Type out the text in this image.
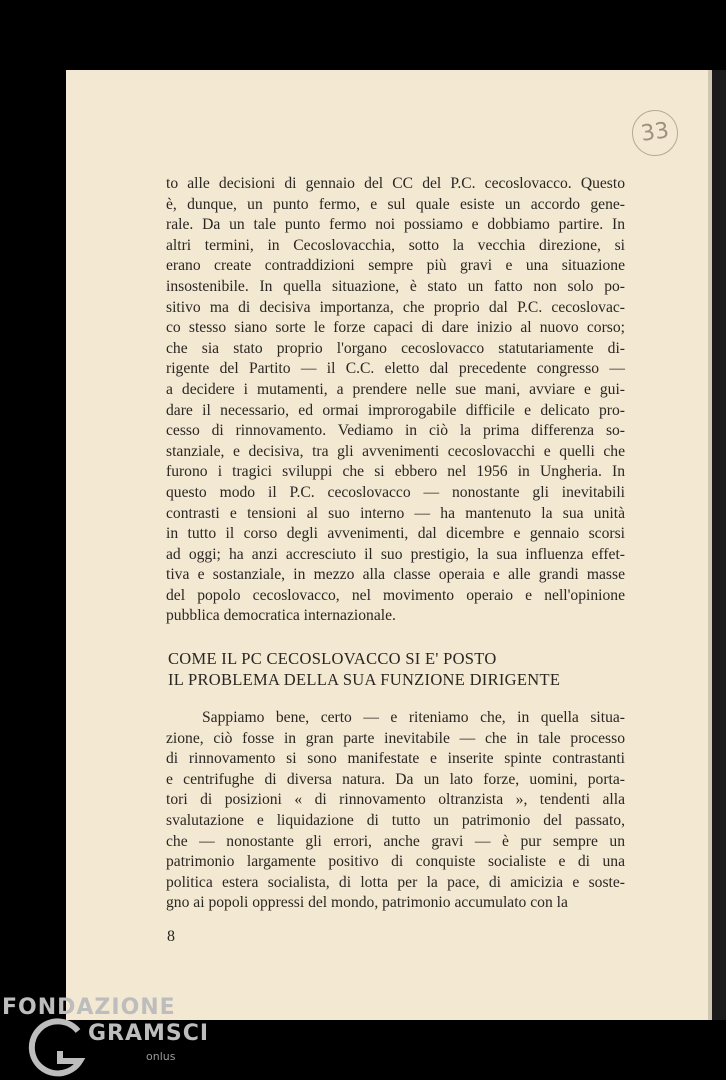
33
to alle decisioni di gennaio del CC del P.C. cecoslovacco. Questo
è, dunque, un punto fermo, e sul quale esiste un accordo gene-
rale. Da un tale punto fermo noi possiamo e dobbiamo partire. In
altri termini, in Cecoslovacchia, sotto la vecchia direzione, si
erano create contraddizioni sempre più gravi e una situazione
insostenibile. In quella situazione, è stato un fatto non solo po-
sitivo ma di decisiva importanza, che proprio dal P.C. cecoslovac-
co stesso siano sorte le forze capaci di dare inizio al nuovo corso;
che sia stato proprio l'organo cecoslovacco statutariamente di-
rigente del Partito — il C.C. eletto dal precedente congresso —
a decidere i mutamenti, a prendere nelle sue mani, avviare e gui-
dare il necessario, ed ormai improrogabile difficile e delicato pro-
cesso di rinnovamento. Vediamo in ciò la prima differenza so-
stanziale, e decisiva, tra gli avvenimenti cecoslovacchi e quelli che
furono i tragici sviluppi che si ebbero nel 1956 in Ungheria. In
questo modo il P.C. cecoslovacco — nonostante gli inevitabili
contrasti e tensioni al suo interno — ha mantenuto la sua unità
in tutto il corso degli avvenimenti, dal dicembre e gennaio scorsi
ad oggi; ha anzi accresciuto il suo prestigio, la sua influenza effet-
tiva e sostanziale, in mezzo alla classe operaia e alle grandi masse
del popolo cecoslovacco, nel movimento operaio e nell'opinione
pubblica democratica internazionale.
COME IL PC CECOSLOVACCO SI E' POSTO
IL PROBLEMA DELLA SUA FUNZIONE DIRIGENTE
Sappiamo bene, certo — e riteniamo che, in quella situa-
zione, ciò fosse in gran parte inevitabile — che in tale processo
di rinnovamento si sono manifestate e inserite spinte contrastanti
e centrifughe di diversa natura. Da un lato forze, uomini, porta-
tori di posizioni « di rinnovamento oltranzista », tendenti alla
svalutazione e liquidazione di tutto un patrimonio del passato,
che — nonostante gli errori, anche gravi — è pur sempre un
patrimonio largamente positivo di conquiste socialiste e di una
politica estera socialista, di lotta per la pace, di amicizia e soste-
gno ai popoli oppressi del mondo, patrimonio accumulato con la
8
FONDAZIONE
GRAMSCI
onlus
